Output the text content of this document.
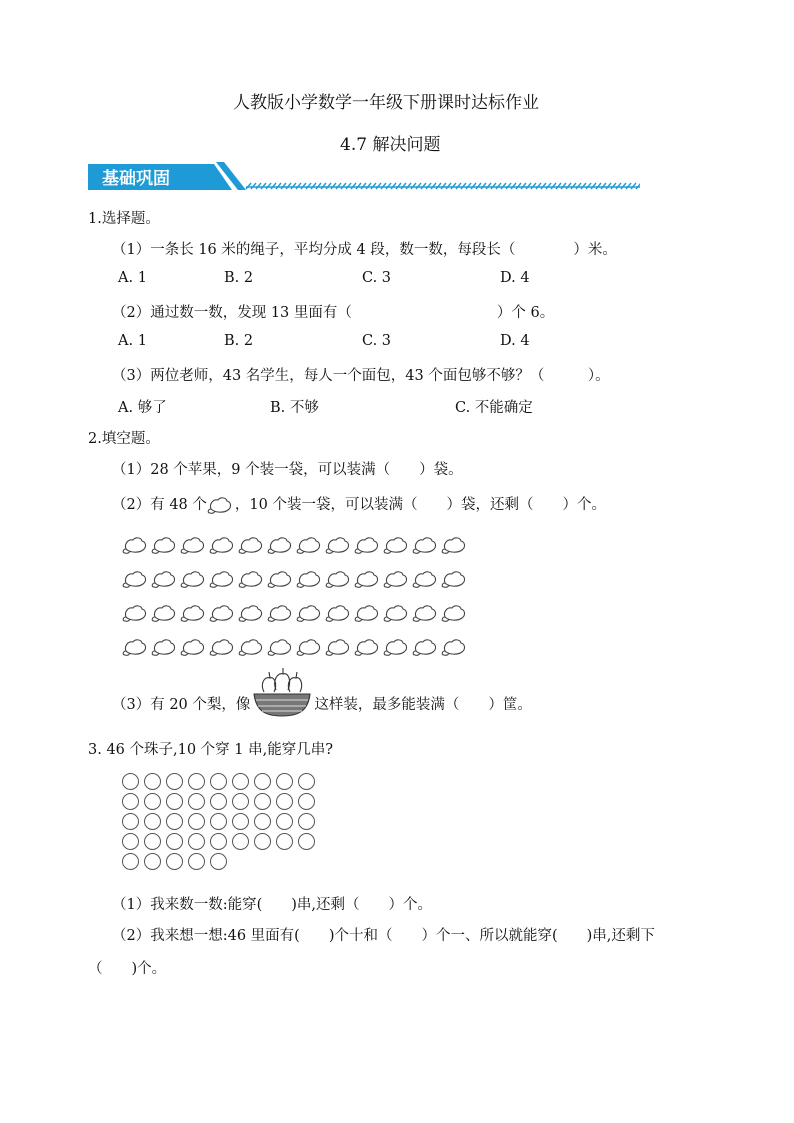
人教版小学数学一年级下册课时达标作业
4.7 解决问题
基础巩固
1.选择题。
（1）一条长 16 米的绳子，平均分成 4 段，数一数，每段长（　　　　）米。
A. 1	B. 2	C. 3	D. 4
（2）通过数一数，发现 13 里面有（　　　　　　　　　　）个 6。
A. 1	B. 2	C. 3	D. 4
（3）两位老师，43 名学生，每人一个面包，43 个面包够不够？（　　　）。
A. 够了	B. 不够	C. 不能确定
2.填空题。
（1）28 个苹果，9 个装一袋，可以装满（　　）袋。
（2）有 48 个 ，10 个装一袋，可以装满（　　）袋，还剩（　　）个。
（3）有 20 个梨，像	这样装，最多能装满（　　）筐。
3. 46 个珠子,10 个穿 1 串,能穿几串?
（1）我来数一数:能穿(　　)串,还剩（　　）个。
（2）我来想一想:46 里面有(　　)个十和（　　）个一、所以就能穿(　　)串,还剩下
（　　)个。
